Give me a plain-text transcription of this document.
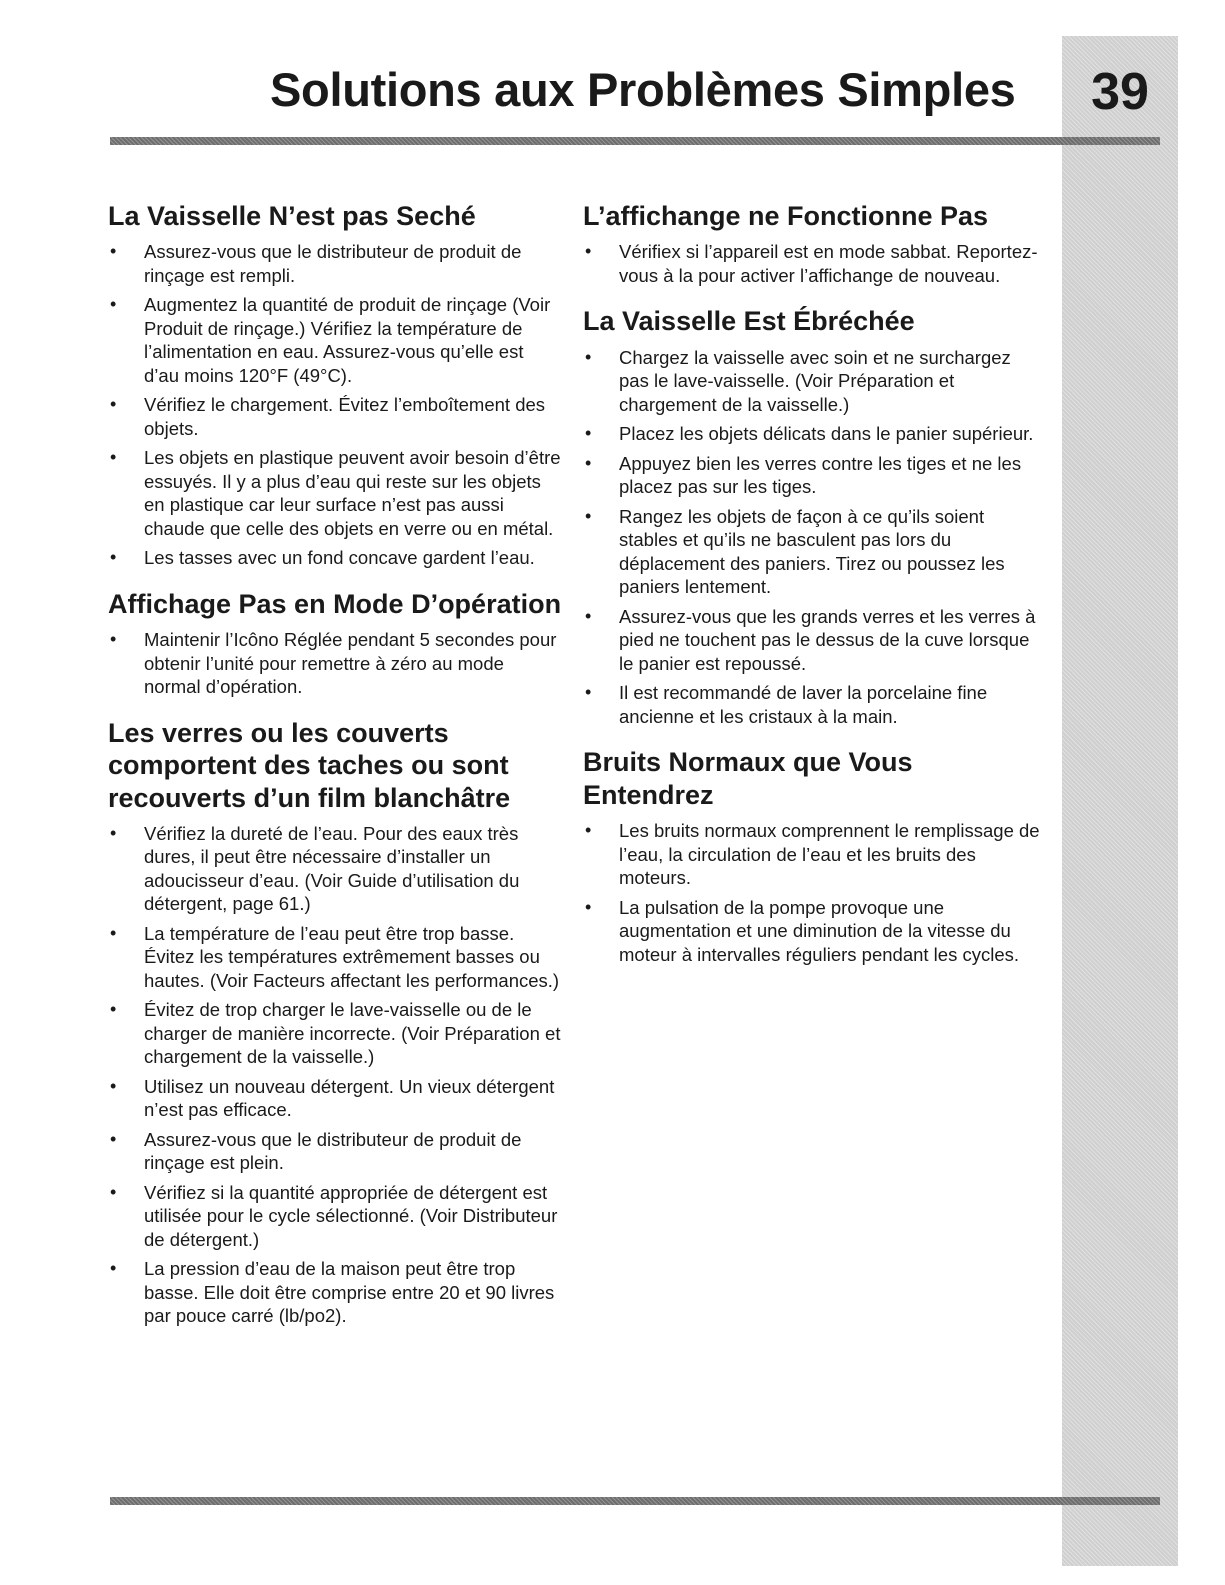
Solutions aux Problèmes Simples	39
La Vaisselle N’est pas Seché
• Assurez-vous que le distributeur de produit de rinçage est rempli.
• Augmentez la quantité de produit de rinçage (Voir Produit de rinçage.) Vérifiez la température de l’alimentation en eau. Assurez-vous qu’elle est d’au moins 120°F (49°C).
• Vérifiez le chargement. Évitez l’emboîtement des objets.
• Les objets en plastique peuvent avoir besoin d’être essuyés. Il y a plus d’eau qui reste sur les objets en plastique car leur surface n’est pas aussi chaude que celle des objets en verre ou en métal.
• Les tasses avec un fond concave gardent l’eau.
Affichage Pas en Mode D’opération
• Maintenir l’Icôno Réglée pendant 5 secondes pour obtenir l’unité pour remettre à zéro au mode normal d’opération.
Les verres ou les couverts comportent des taches ou sont recouverts d’un film blanchâtre
• Vérifiez la dureté de l’eau. Pour des eaux très dures, il peut être nécessaire d’installer un adoucisseur d’eau. (Voir Guide d’utilisation du détergent, page 61.)
• La température de l’eau peut être trop basse. Évitez les températures extrêmement basses ou hautes. (Voir Facteurs affectant les performances.)
• Évitez de trop charger le lave-vaisselle ou de le charger de manière incorrecte. (Voir Préparation et chargement de la vaisselle.)
• Utilisez un nouveau détergent. Un vieux détergent n’est pas efficace.
• Assurez-vous que le distributeur de produit de rinçage est plein.
• Vérifiez si la quantité appropriée de détergent est utilisée pour le cycle sélectionné. (Voir Distributeur de détergent.)
• La pression d’eau de la maison peut être trop basse. Elle doit être comprise entre 20 et 90 livres par pouce carré (lb/po2).
L’affichange ne Fonctionne Pas
• Vérifiex si l’appareil est en mode sabbat. Reportez-vous à la pour activer l’affichange de nouveau.
La Vaisselle Est Ébréchée
• Chargez la vaisselle avec soin et ne surchargez pas le lave-vaisselle. (Voir Préparation et chargement de la vaisselle.)
• Placez les objets délicats dans le panier supérieur.
• Appuyez bien les verres contre les tiges et ne les placez pas sur les tiges.
• Rangez les objets de façon à ce qu’ils soient stables et qu’ils ne basculent pas lors du déplacement des paniers. Tirez ou poussez les paniers lentement.
• Assurez-vous que les grands verres et les verres à pied ne touchent pas le dessus de la cuve lorsque le panier est repoussé.
• Il est recommandé de laver la porcelaine fine ancienne et les cristaux à la main.
Bruits Normaux que Vous Entendrez
• Les bruits normaux comprennent le remplissage de l’eau, la circulation de l’eau et les bruits des moteurs.
• La pulsation de la pompe provoque une augmentation et une diminution de la vitesse du moteur à intervalles réguliers pendant les cycles.
